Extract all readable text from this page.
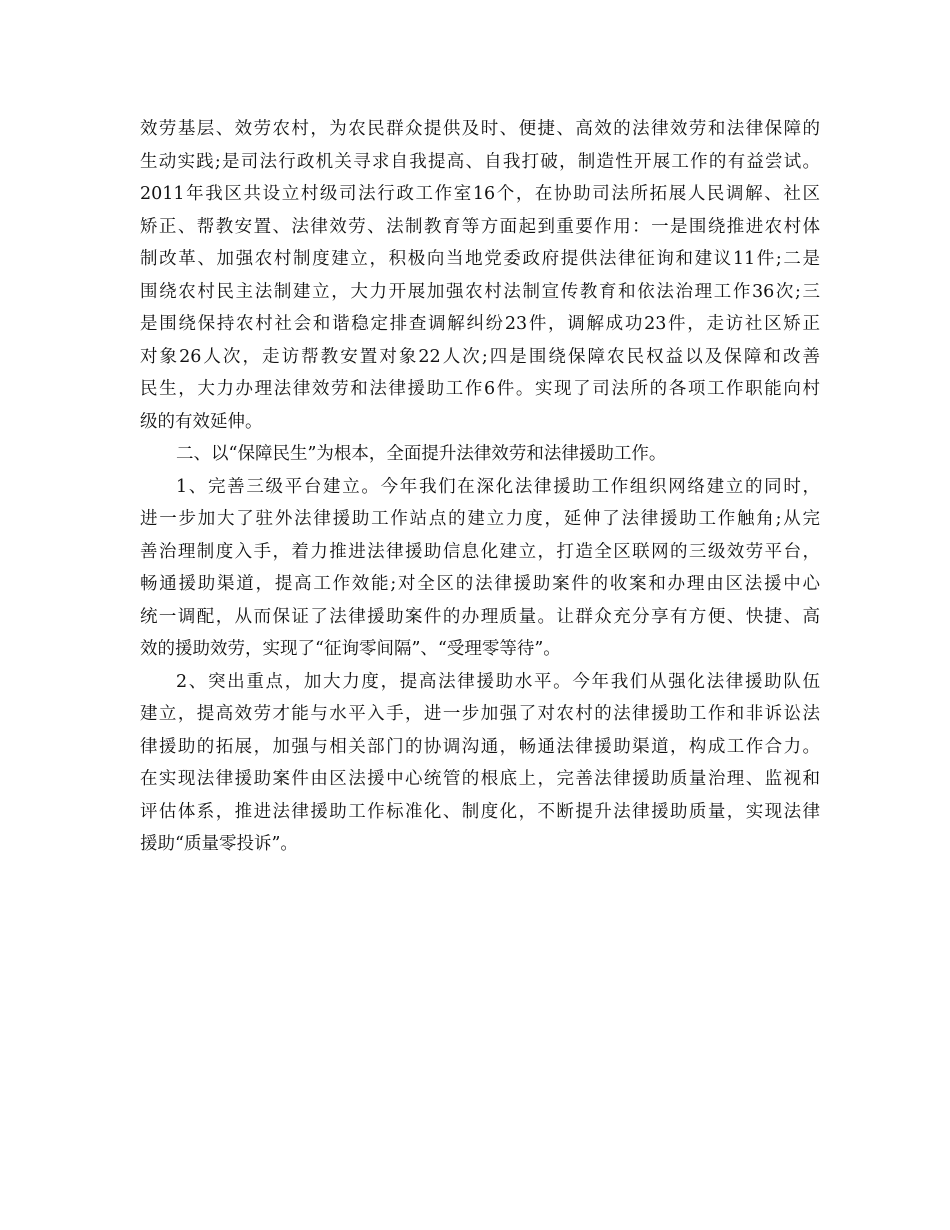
效劳基层、效劳农村，为农民群众提供及时、便捷、高效的法律效劳和法律保障的
生动实践;是司法行政机关寻求自我提高、自我打破，制造性开展工作的有益尝试。
2011年我区共设立村级司法行政工作室16个，在协助司法所拓展人民调解、社区
矫正、帮教安置、法律效劳、法制教育等方面起到重要作用：一是围绕推进农村体
制改革、加强农村制度建立，积极向当地党委政府提供法律征询和建议11件;二是
围绕农村民主法制建立，大力开展加强农村法制宣传教育和依法治理工作36次;三
是围绕保持农村社会和谐稳定排查调解纠纷23件，调解成功23件，走访社区矫正
对象26人次，走访帮教安置对象22人次;四是围绕保障农民权益以及保障和改善
民生，大力办理法律效劳和法律援助工作6件。实现了司法所的各项工作职能向村
级的有效延伸。
二、以“保障民生”为根本，全面提升法律效劳和法律援助工作。
1、完善三级平台建立。今年我们在深化法律援助工作组织网络建立的同时，
进一步加大了驻外法律援助工作站点的建立力度，延伸了法律援助工作触角;从完
善治理制度入手，着力推进法律援助信息化建立，打造全区联网的三级效劳平台，
畅通援助渠道，提高工作效能;对全区的法律援助案件的收案和办理由区法援中心
统一调配，从而保证了法律援助案件的办理质量。让群众充分享有方便、快捷、高
效的援助效劳，实现了“征询零间隔”、“受理零等待”。
2、突出重点，加大力度，提高法律援助水平。今年我们从强化法律援助队伍
建立，提高效劳才能与水平入手，进一步加强了对农村的法律援助工作和非诉讼法
律援助的拓展，加强与相关部门的协调沟通，畅通法律援助渠道，构成工作合力。
在实现法律援助案件由区法援中心统管的根底上，完善法律援助质量治理、监视和
评估体系，推进法律援助工作标准化、制度化，不断提升法律援助质量，实现法律
援助“质量零投诉”。
